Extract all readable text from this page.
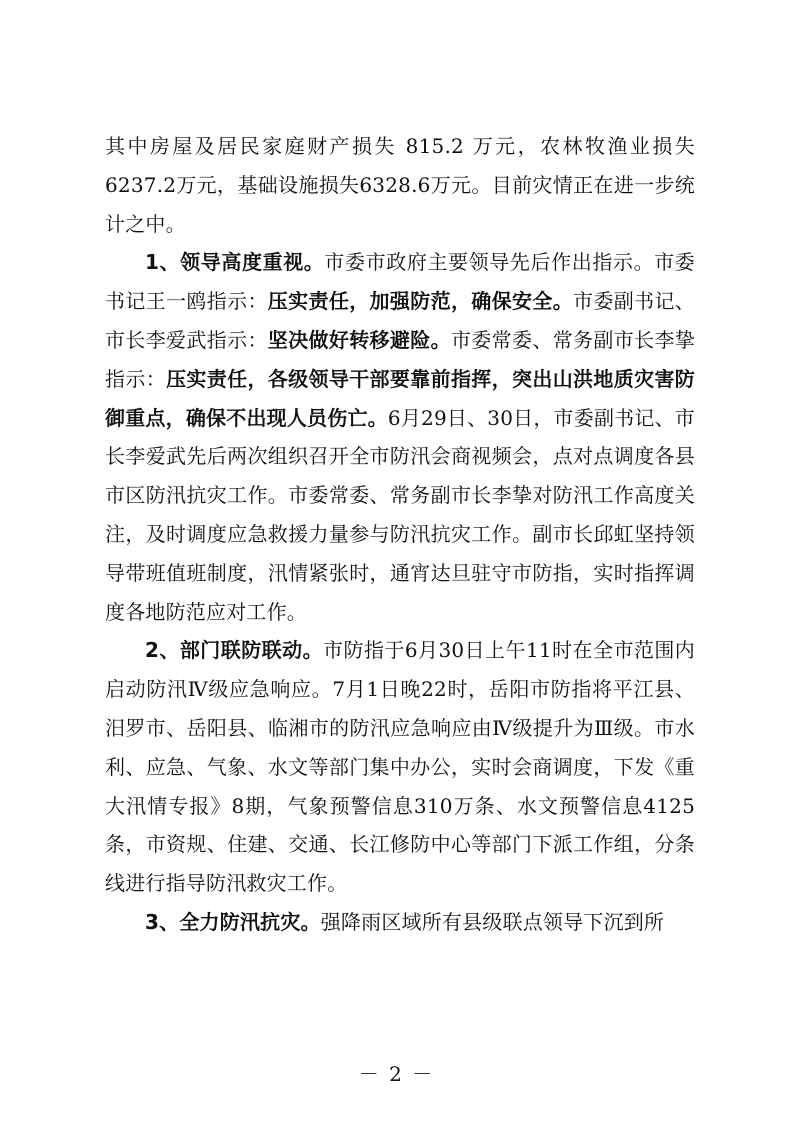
其中房屋及居民家庭财产损失 815.2 万元，农林牧渔业损失6237.2万元，基础设施损失6328.6万元。目前灾情正在进一步统计之中。

1、领导高度重视。市委市政府主要领导先后作出指示。市委书记王一鸥指示：压实责任，加强防范，确保安全。市委副书记、市长李爱武指示：坚决做好转移避险。市委常委、常务副市长李挚指示：压实责任，各级领导干部要靠前指挥，突出山洪地质灾害防御重点，确保不出现人员伤亡。6月29日、30日，市委副书记、市长李爱武先后两次组织召开全市防汛会商视频会，点对点调度各县市区防汛抗灾工作。市委常委、常务副市长李挚对防汛工作高度关注，及时调度应急救援力量参与防汛抗灾工作。副市长邱虹坚持领导带班值班制度，汛情紧张时，通宵达旦驻守市防指，实时指挥调度各地防范应对工作。

2、部门联防联动。市防指于6月30日上午11时在全市范围内启动防汛Ⅳ级应急响应。7月1日晚22时，岳阳市防指将平江县、汨罗市、岳阳县、临湘市的防汛应急响应由Ⅳ级提升为Ⅲ级。市水利、应急、气象、水文等部门集中办公，实时会商调度，下发《重大汛情专报》8期，气象预警信息310万条、水文预警信息4125条，市资规、住建、交通、长江修防中心等部门下派工作组，分条线进行指导防汛救灾工作。

3、全力防汛抗灾。强降雨区域所有县级联点领导下沉到所

－ 2 －
